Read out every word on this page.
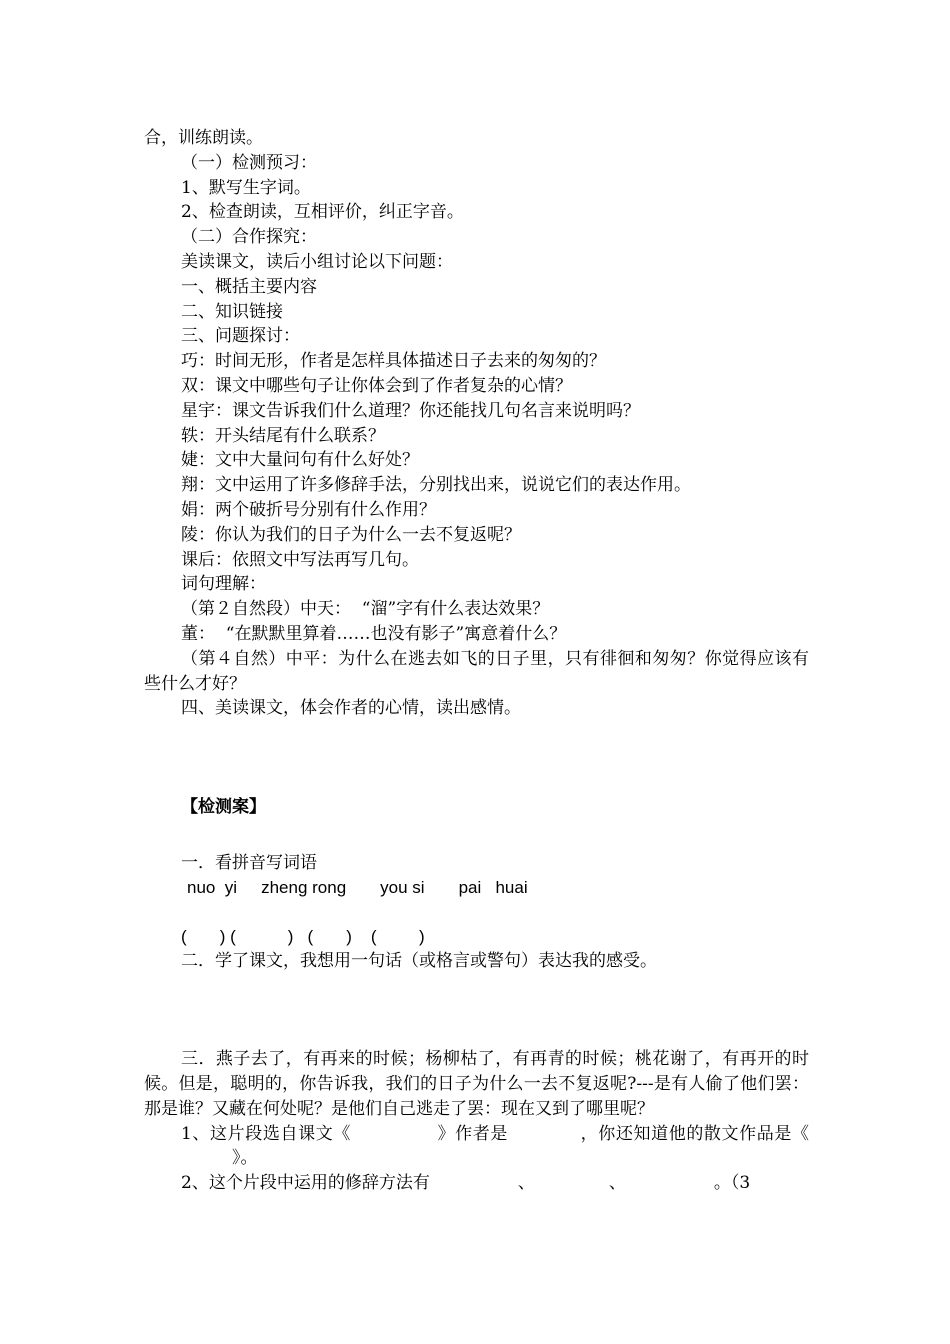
合，训练朗读。
（一）检测预习：
1、默写生字词。
2、检查朗读，互相评价，纠正字音。
（二）合作探究：
美读课文，读后小组讨论以下问题：
一、概括主要内容
二、知识链接
三、问题探讨：
巧：时间无形，作者是怎样具体描述日子去来的匆匆的？
双：课文中哪些句子让你体会到了作者复杂的心情？
星宇：课文告诉我们什么道理？你还能找几句名言来说明吗？
轶：开头结尾有什么联系？
婕：文中大量问句有什么好处？
翔：文中运用了许多修辞手法，分别找出来，说说它们的表达作用。
娟：两个破折号分别有什么作用？
陵：你认为我们的日子为什么一去不复返呢？
课后：依照文中写法再写几句。
词句理解：
（第２自然段）中天：  “溜”字有什么表达效果？
董：  “在默默里算着……也没有影子”寓意着什么？
（第４自然）中平：为什么在逃去如飞的日子里，只有徘徊和匆匆？你觉得应该有些什么才好？
四、美读课文，体会作者的心情，读出感情。
【检测案】
一．看拼音写词语
nuo  yi zheng rong you si pai   huai
(       ) (           )   (       )    (         )
二．学了课文，我想用一句话（或格言或警句）表达我的感受。
三．燕子去了，有再来的时候；杨柳枯了，有再青的时候；桃花谢了，有再开的时候。但是，聪明的，你告诉我，我们的日子为什么一去不复返呢?---是有人偷了他们罢：那是谁？又藏在何处呢？是他们自己逃走了罢：现在又到了哪里呢？
1、这片段选自课文《	》作者是	，你还知道他的散文作品是《》。
2、这个片段中运用的修辞方法有	、	、	。（3
